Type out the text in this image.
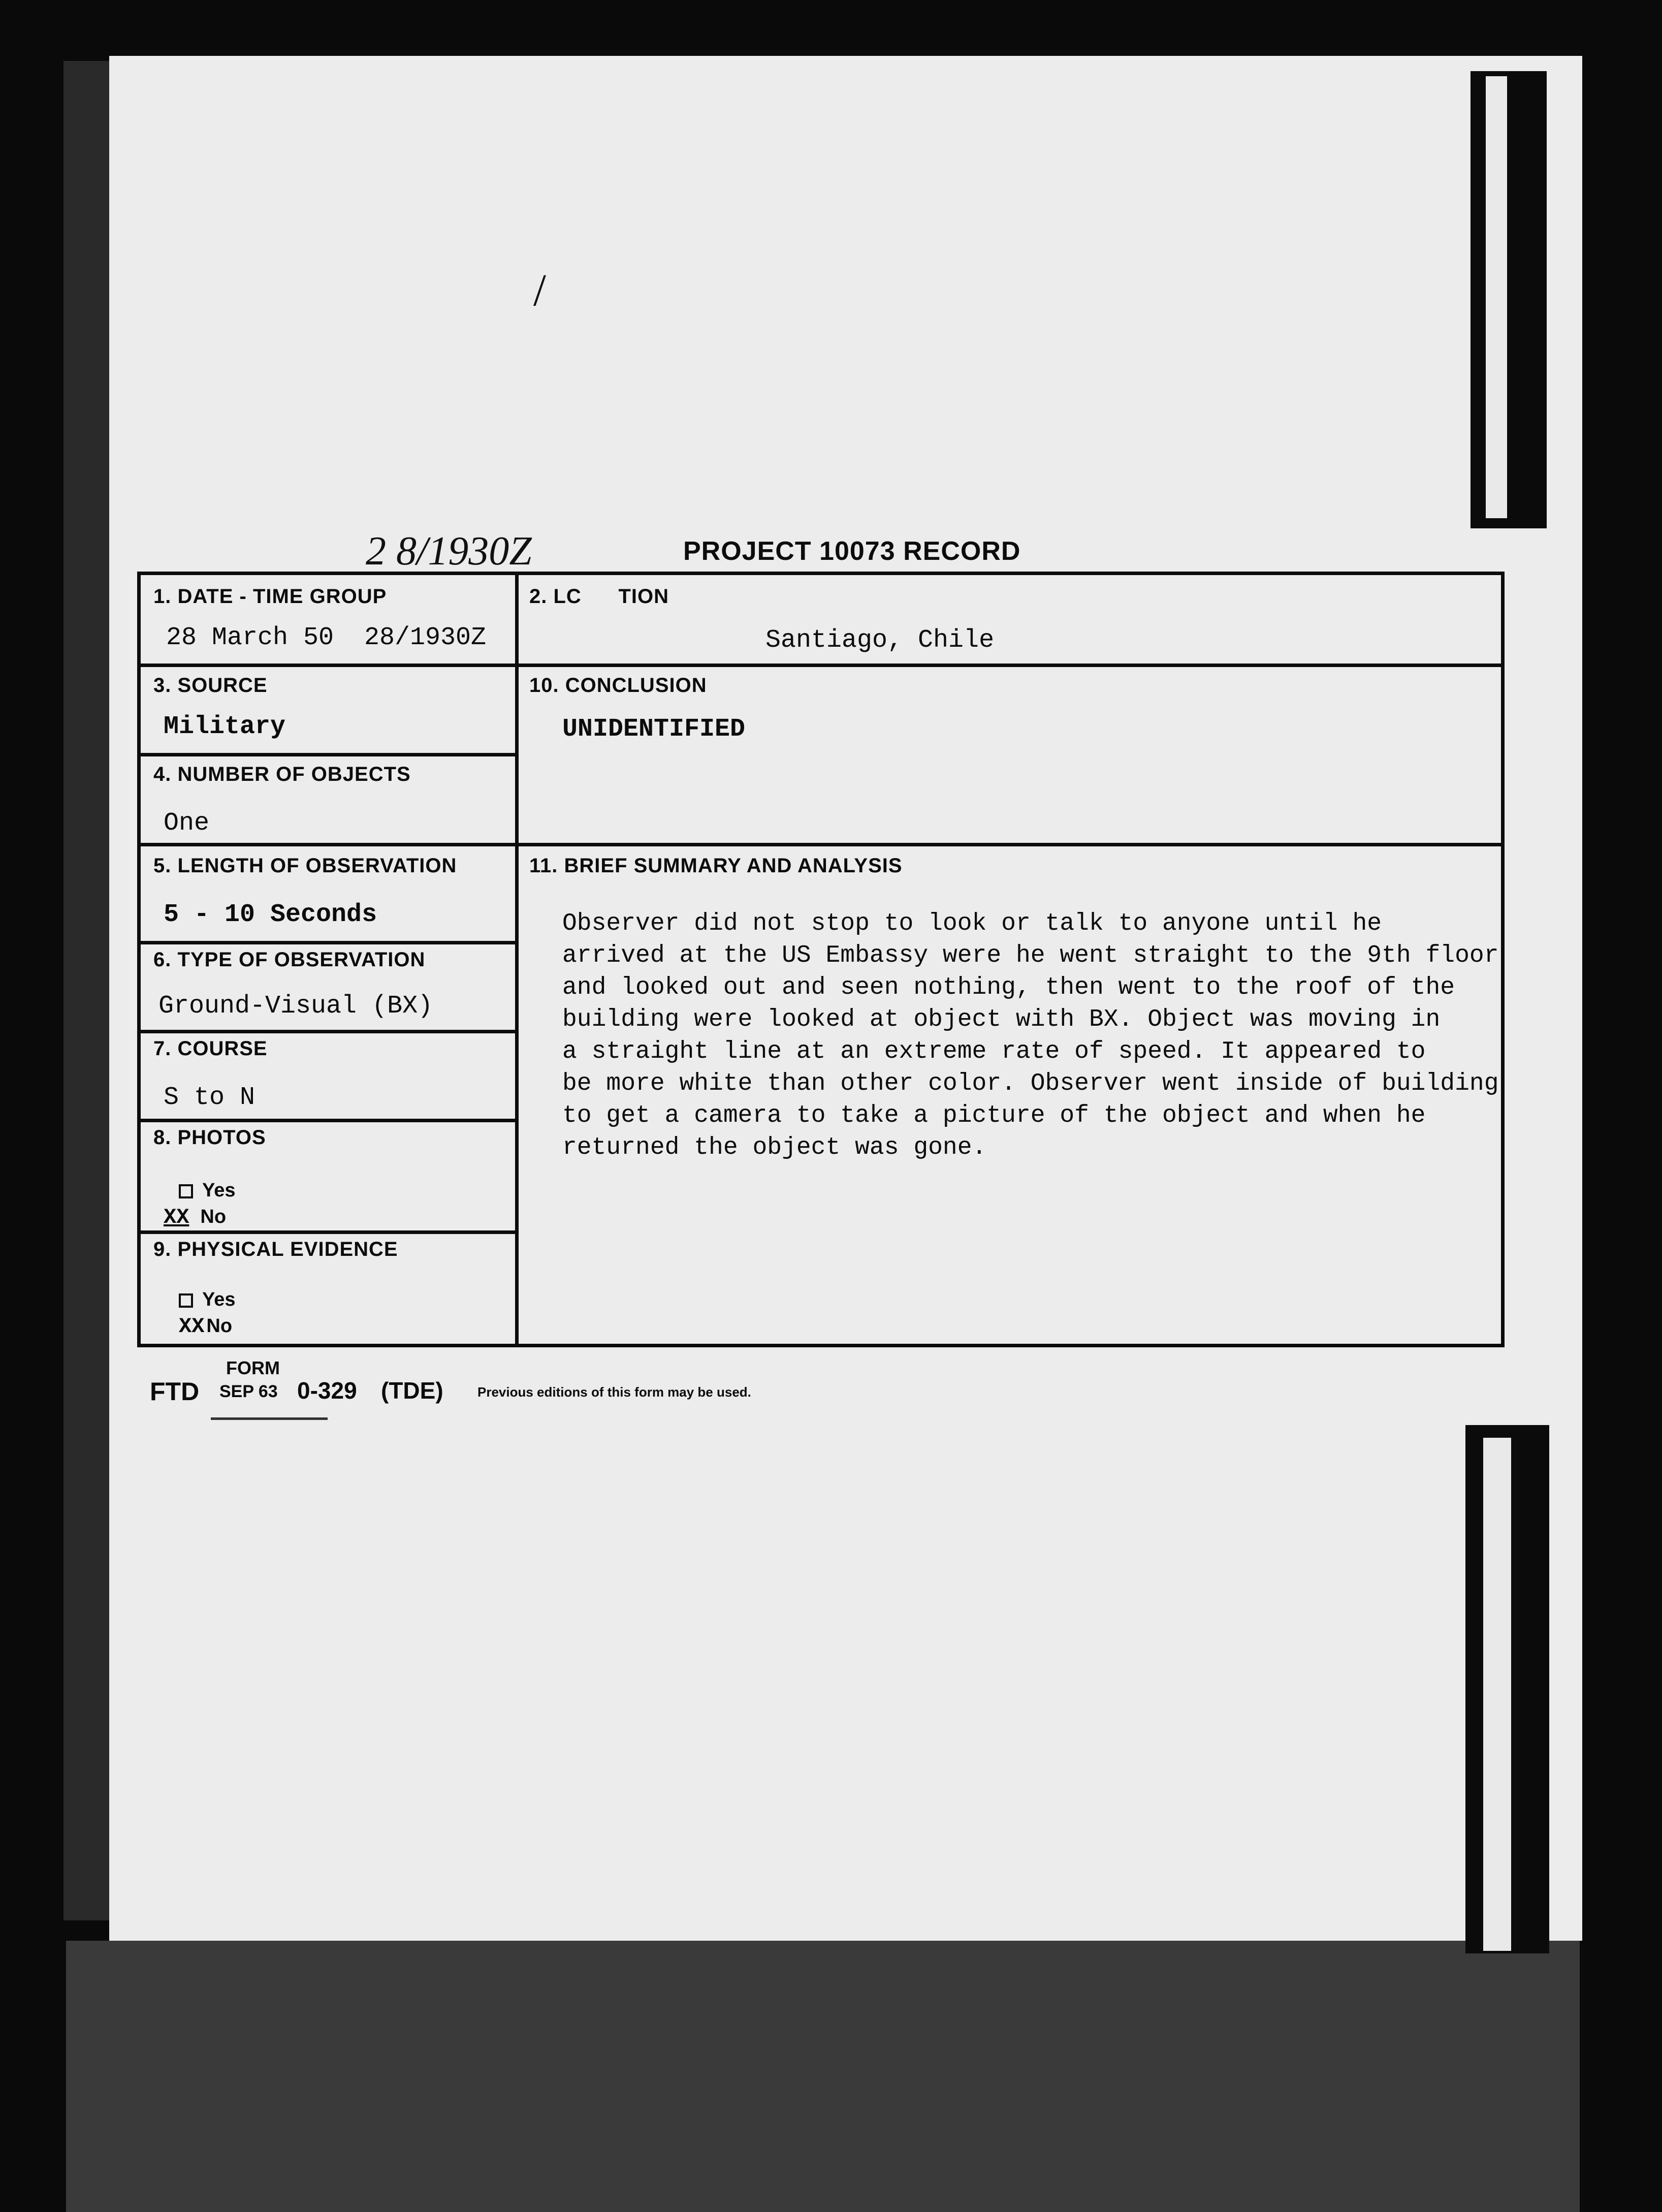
/
2 8/1930Z	PROJECT 10073 RECORD
1. DATE - TIME GROUP
28 March 50 28/1930Z
2. LC      TION
Santiago, Chile
3. SOURCE
Military
10. CONCLUSION
UNIDENTIFIED
4. NUMBER OF OBJECTS
One
5. LENGTH OF OBSERVATION
5 - 10 Seconds
11. BRIEF SUMMARY AND ANALYSIS
Observer did not stop to look or talk to anyone until he
arrived at the US Embassy were he went straight to the 9th floor
and looked out and seen nothing, then went to the roof of the
building were looked at object with BX. Object was moving in
a straight line at an extreme rate of speed. It appeared to
be more white than other color. Observer went inside of building
to get a camera to take a picture of the object and when he
returned the object was gone.
6. TYPE OF OBSERVATION
Ground-Visual (BX)
7. COURSE
S to N
8. PHOTOS
Yes
XX No
9. PHYSICAL EVIDENCE
Yes
XX No
FTD
FORM
SEP 63 0-329 (TDE)	Previous editions of this form may be used.
